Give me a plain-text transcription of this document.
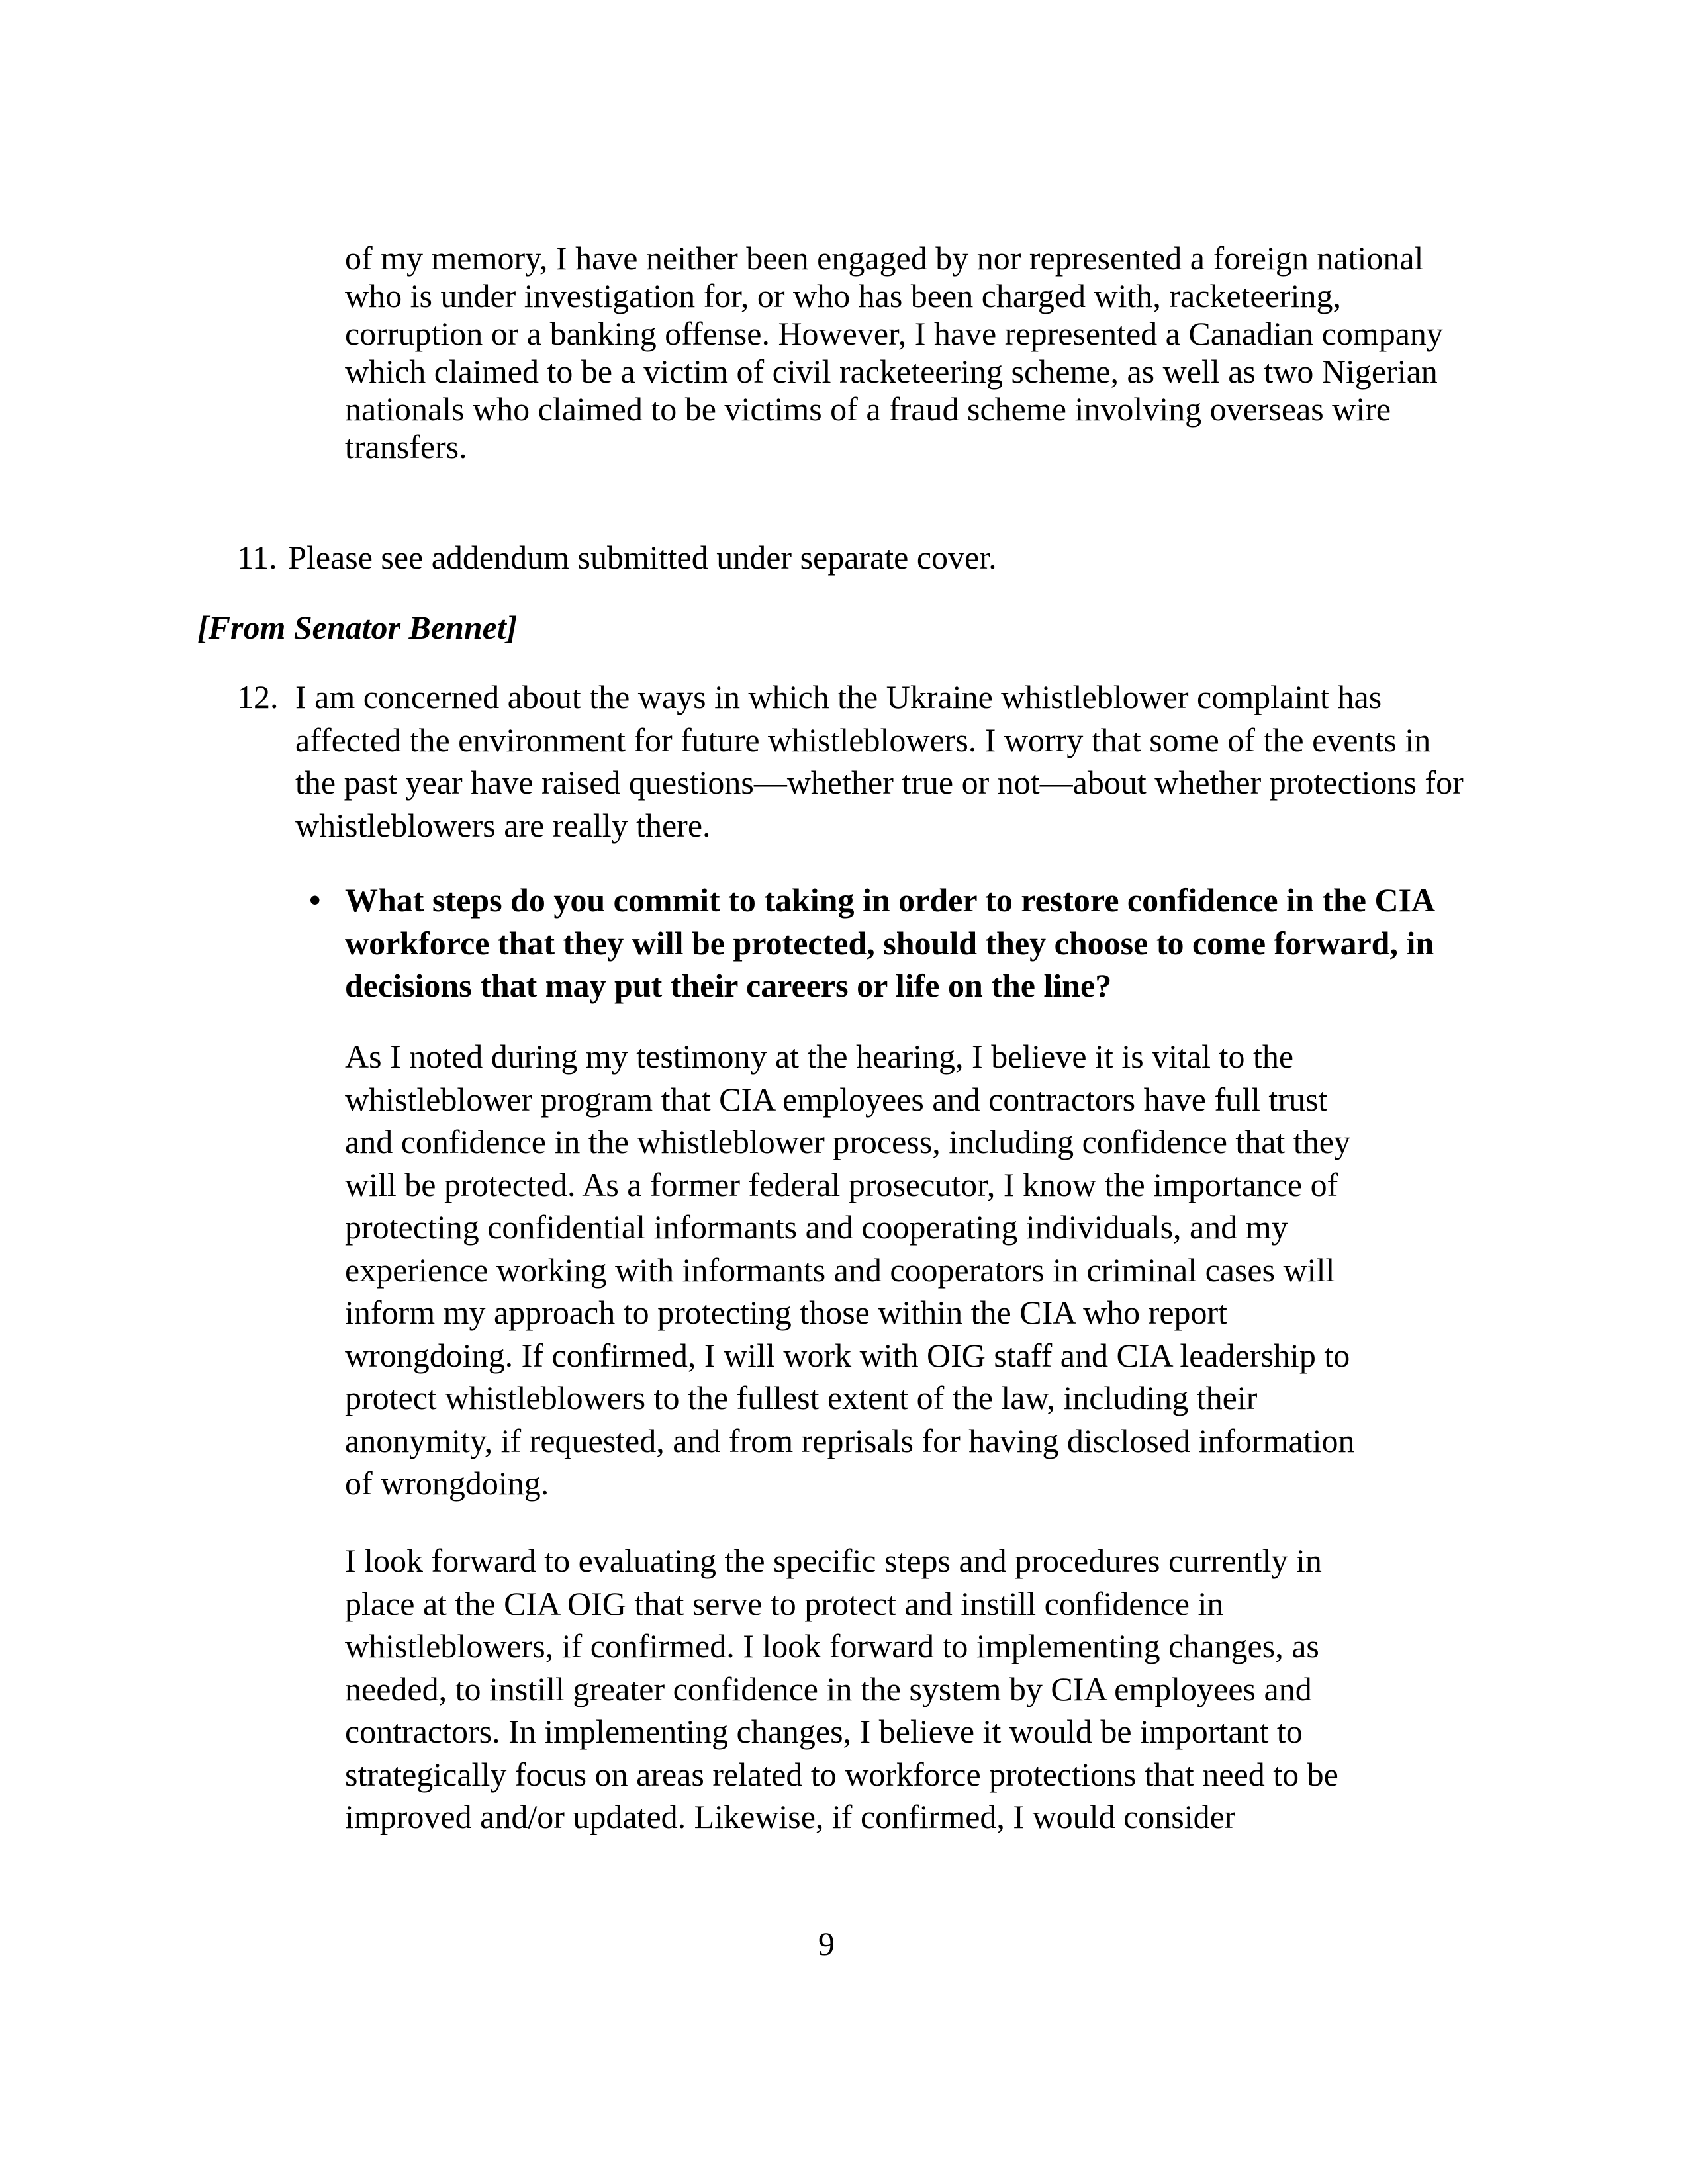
of my memory, I have neither been engaged by nor represented a foreign national
who is under investigation for, or who has been charged with, racketeering,
corruption or a banking offense. However, I have represented a Canadian company
which claimed to be a victim of civil racketeering scheme, as well as two Nigerian
nationals who claimed to be victims of a fraud scheme involving overseas wire
transfers.
11. Please see addendum submitted under separate cover.
[From Senator Bennet]
12. I am concerned about the ways in which the Ukraine whistleblower complaint has
affected the environment for future whistleblowers. I worry that some of the events in
the past year have raised questions—whether true or not—about whether protections for
whistleblowers are really there.
• What steps do you commit to taking in order to restore confidence in the CIA
workforce that they will be protected, should they choose to come forward, in
decisions that may put their careers or life on the line?
As I noted during my testimony at the hearing, I believe it is vital to the
whistleblower program that CIA employees and contractors have full trust
and confidence in the whistleblower process, including confidence that they
will be protected. As a former federal prosecutor, I know the importance of
protecting confidential informants and cooperating individuals, and my
experience working with informants and cooperators in criminal cases will
inform my approach to protecting those within the CIA who report
wrongdoing. If confirmed, I will work with OIG staff and CIA leadership to
protect whistleblowers to the fullest extent of the law, including their
anonymity, if requested, and from reprisals for having disclosed information
of wrongdoing.
I look forward to evaluating the specific steps and procedures currently in
place at the CIA OIG that serve to protect and instill confidence in
whistleblowers, if confirmed. I look forward to implementing changes, as
needed, to instill greater confidence in the system by CIA employees and
contractors. In implementing changes, I believe it would be important to
strategically focus on areas related to workforce protections that need to be
improved and/or updated. Likewise, if confirmed, I would consider
9
